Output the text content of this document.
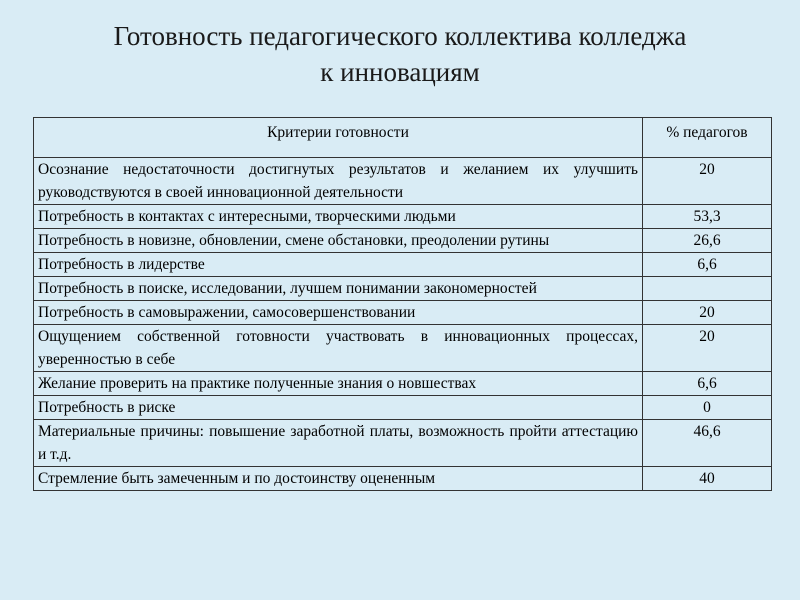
Готовность педагогического коллектива колледжа
к инновациям
Критерии готовности	% педагогов
Осознание недостаточности достигнутых результатов и желанием их улучшить руководствуются в своей инновационной деятельности	20
Потребность в контактах с интересными, творческими людьми	53,3
Потребность в новизне, обновлении, смене обстановки, преодолении рутины	26,6
Потребность в лидерстве	6,6
Потребность в поиске, исследовании, лучшем понимании закономерностей	
Потребность в самовыражении, самосовершенствовании	20
Ощущением собственной готовности участвовать в инновационных процессах, уверенностью в себе	20
Желание проверить на практике полученные знания о новшествах	6,6
Потребность в риске	0
Материальные причины: повышение заработной платы, возможность пройти аттестацию и т.д.	46,6
Стремление быть замеченным и по достоинству оцененным	40
